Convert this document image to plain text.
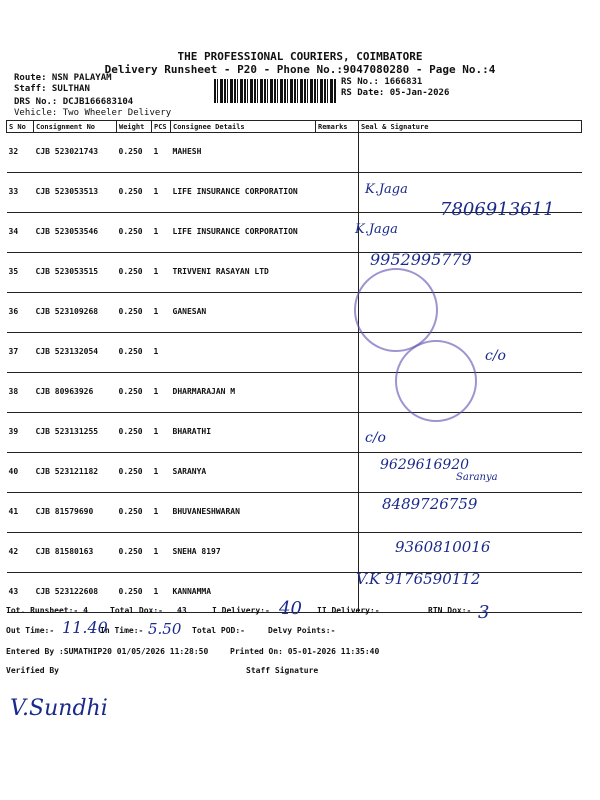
THE PROFESSIONAL COURIERS, COIMBATORE
Delivery Runsheet - P20 - Phone No.:9047080280 - Page No.:4
Route: NSN PALAYAM
Staff: SULTHAN
DRS No.: DCJB166683104
Vehicle: Two Wheeler Delivery
RS No.: 1666831
RS Date: 05-Jan-2026
S No	Consignment No	Weight	PCS	Consignee Details	Remarks	Seal & Signature

32	CJB 523021743	0.250	1	MAHESH		

33	CJB 523053513	0.250	1	LIFE INSURANCE CORPORATION		

34	CJB 523053546	0.250	1	LIFE INSURANCE CORPORATION		

35	CJB 523053515	0.250	1	TRIVVENI RASAYAN LTD		

36	CJB 523109268	0.250	1	GANESAN		

37	CJB 523132054	0.250	1			

38	CJB 80963926	0.250	1	DHARMARAJAN M		

39	CJB 523131255	0.250	1	BHARATHI		

40	CJB 523121182	0.250	1	SARANYA		

41	CJB 81579690	0.250	1	BHUVANESHWARAN		

42	CJB 81580163	0.250	1	SNEHA 8197		

43	CJB 523122608	0.250	1	KANNAMMA		

7806913611
9952995779
9629616920
Saranya
8489726759
9360810016
V.K 9176590112
K.Jaga
K.Jaga
c/o
c/o
Tot. Runsheet:- 4	Total Dox:- 43	I Delivery:- 40 II Delivery:-	RTN Dox:- 3
Out Time:- 11.40
In Time:- 5.50 Total POD:-	Delvy Points:-
Entered By :SUMATHIP20 01/05/2026 11:28:50	Printed On: 05-01-2026 11:35:40
Verified By	Staff Signature
V.Sundhi
